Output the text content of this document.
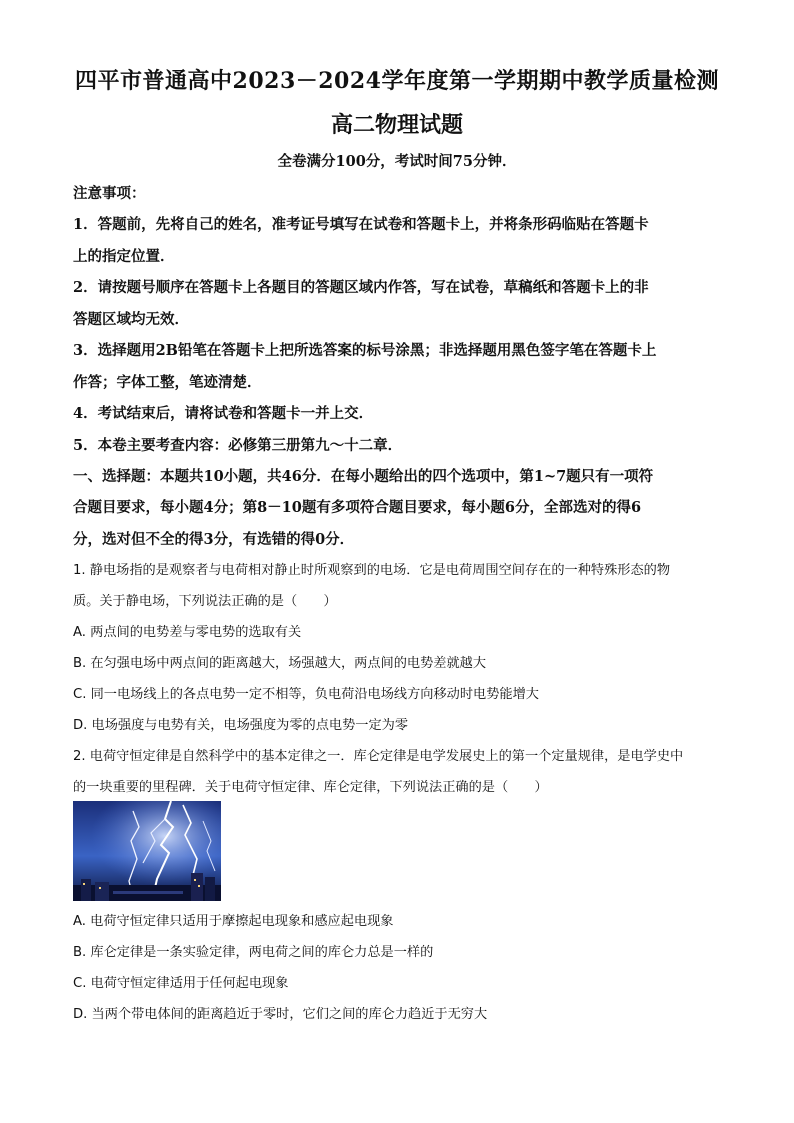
四平市普通高中2023－2024学年度第一学期期中教学质量检测
高二物理试题
全卷满分100分，考试时间75分钟．
注意事项：
1．答题前，先将自己的姓名，准考证号填写在试卷和答题卡上，并将条形码临贴在答题卡
上的指定位置．
2．请按题号顺序在答题卡上各题目的答题区域内作答，写在试卷，草稿纸和答题卡上的非
答题区域均无效．
3．选择题用2B铅笔在答题卡上把所选答案的标号涂黑；非选择题用黑色签字笔在答题卡上
作答；字体工整，笔迹清楚．
4．考试结束后，请将试卷和答题卡一并上交．
5．本卷主要考查内容：必修第三册第九～十二章．
一、选择题：本题共10小题，共46分．在每小题给出的四个选项中，第1~7题只有一项符
合题目要求，每小题4分；第8－10题有多项符合题目要求，每小题6分，全部选对的得6
分，选对但不全的得3分，有选错的得0分．
1. 静电场指的是观察者与电荷相对静止时所观察到的电场．它是电荷周围空间存在的一种特殊形态的物
质。关于静电场，下列说法正确的是（　　）
A. 两点间的电势差与零电势的选取有关
B. 在匀强电场中两点间的距离越大，场强越大，两点间的电势差就越大
C. 同一电场线上的各点电势一定不相等，负电荷沿电场线方向移动时电势能增大
D. 电场强度与电势有关，电场强度为零的点电势一定为零
2. 电荷守恒定律是自然科学中的基本定律之一．库仑定律是电学发展史上的第一个定量规律，是电学史中
的一块重要的里程碑．关于电荷守恒定律、库仑定律，下列说法正确的是（　　）
A. 电荷守恒定律只适用于摩擦起电现象和感应起电现象
B. 库仑定律是一条实验定律，两电荷之间的库仑力总是一样的
C. 电荷守恒定律适用于任何起电现象
D. 当两个带电体间的距离趋近于零时，它们之间的库仑力趋近于无穷大
